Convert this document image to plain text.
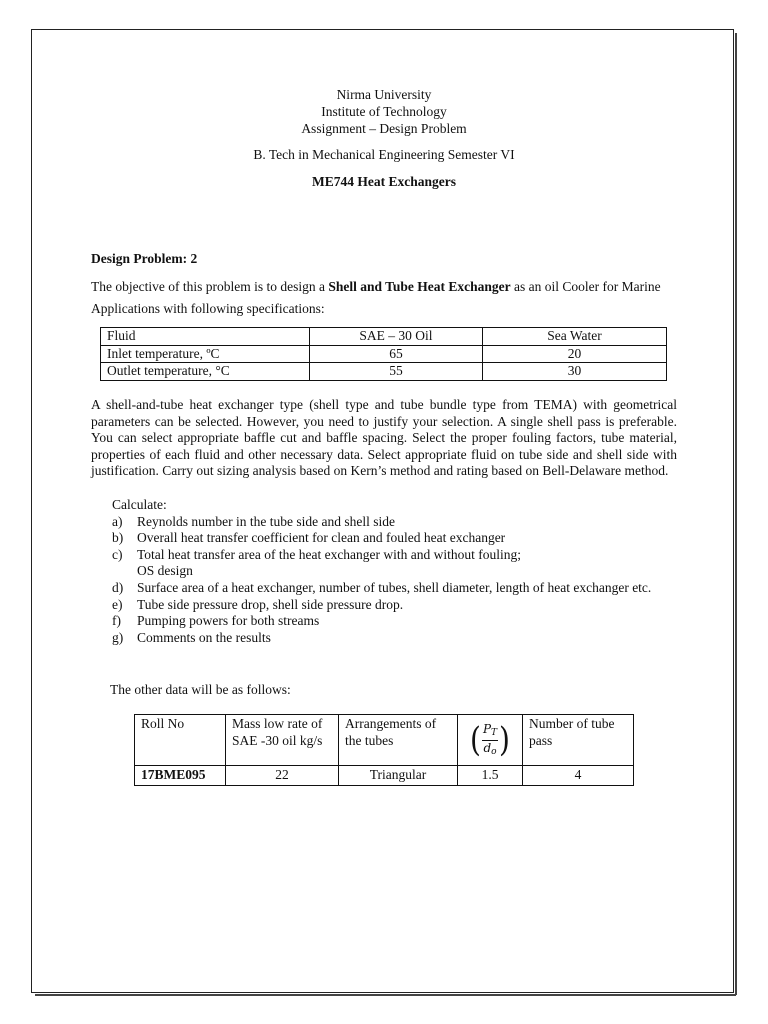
Nirma University
Institute of Technology
Assignment – Design Problem
B. Tech in Mechanical Engineering Semester VI
ME744 Heat Exchangers
Design Problem: 2
The objective of this problem is to design a Shell and Tube Heat Exchanger as an oil Cooler for Marine Applications with following specifications:
Fluid	SAE – 30 Oil	Sea Water
Inlet temperature, ºC	65	20
Outlet temperature, °C	55	30
A shell-and-tube heat exchanger type (shell type and tube bundle type from TEMA) with geometrical parameters can be selected. However, you need to justify your selection. A single shell pass is preferable. You can select appropriate baffle cut and baffle spacing. Select the proper fouling factors, tube material, properties of each fluid and other necessary data. Select appropriate fluid on tube side and shell side with justification. Carry out sizing analysis based on Kern’s method and rating based on Bell-Delaware method.
Calculate:
a)	Reynolds number in the tube side and shell side
b)	Overall heat transfer coefficient for clean and fouled heat exchanger
c)	Total heat transfer area of the heat exchanger with and without fouling; OS design
d)	Surface area of a heat exchanger, number of tubes, shell diameter, length of heat exchanger etc.
e)	Tube side pressure drop, shell side pressure drop.
f)	Pumping powers for both streams
g)	Comments on the results
The other data will be as follows:
Roll No	Mass low rate of SAE -30 oil kg/s	Arrangements of the tubes	( $\frac{P_T}{d_o}$ )	Number of tube pass
17BME095	22	Triangular	1.5	4
